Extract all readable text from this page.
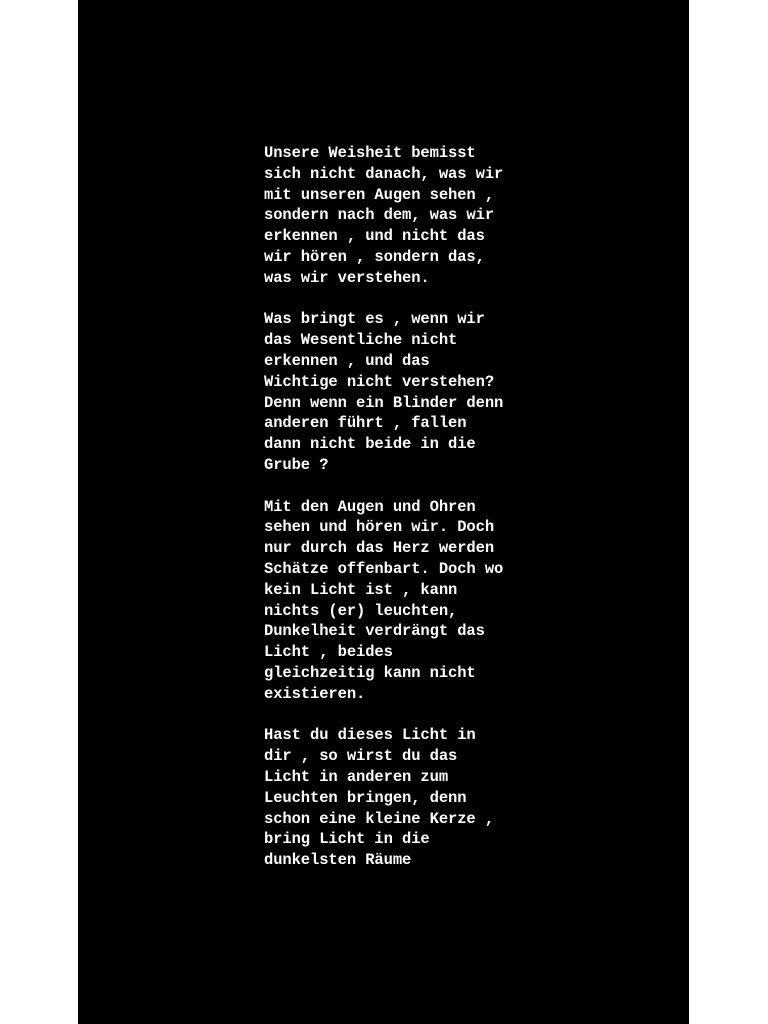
Unsere Weisheit bemisst
sich nicht danach, was wir
mit unseren Augen sehen ,
sondern nach dem, was wir
erkennen , und nicht das
wir hören , sondern das,
was wir verstehen.

Was bringt es , wenn wir
das Wesentliche nicht
erkennen , und das
Wichtige nicht verstehen?
Denn wenn ein Blinder denn
anderen führt , fallen
dann nicht beide in die
Grube ?

Mit den Augen und Ohren
sehen und hören wir. Doch
nur durch das Herz werden
Schätze offenbart. Doch wo
kein Licht ist , kann
nichts (er) leuchten,
Dunkelheit verdrängt das
Licht , beides
gleichzeitig kann nicht
existieren.

Hast du dieses Licht in
dir , so wirst du das
Licht in anderen zum
Leuchten bringen, denn
schon eine kleine Kerze ,
bring Licht in die
dunkelsten Räume
